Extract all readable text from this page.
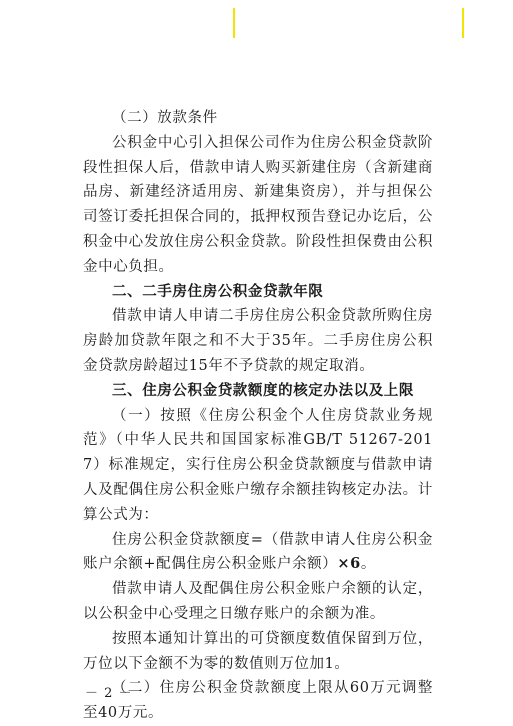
（二）放款条件

公积金中心引入担保公司作为住房公积金贷款阶段性担保人后，借款申请人购买新建住房（含新建商品房、新建经济适用房、新建集资房），并与担保公司签订委托担保合同的，抵押权预告登记办讫后，公积金中心发放住房公积金贷款。阶段性担保费由公积金中心负担。

二、二手房住房公积金贷款年限

借款申请人申请二手房住房公积金贷款所购住房房龄加贷款年限之和不大于35年。二手房住房公积金贷款房龄超过15年不予贷款的规定取消。

三、住房公积金贷款额度的核定办法以及上限

（一）按照《住房公积金个人住房贷款业务规范》（中华人民共和国国家标准GB/T 51267-2017）标准规定，实行住房公积金贷款额度与借款申请人及配偶住房公积金账户缴存余额挂钩核定办法。计算公式为：

住房公积金贷款额度=（借款申请人住房公积金账户余额+配偶住房公积金账户余额）×6。

借款申请人及配偶住房公积金账户余额的认定，以公积金中心受理之日缴存账户的余额为准。

按照本通知计算出的可贷额度数值保留到万位，万位以下金额不为零的数值则万位加1。

（二）住房公积金贷款额度上限从60万元调整至40万元。

－ 2 －
